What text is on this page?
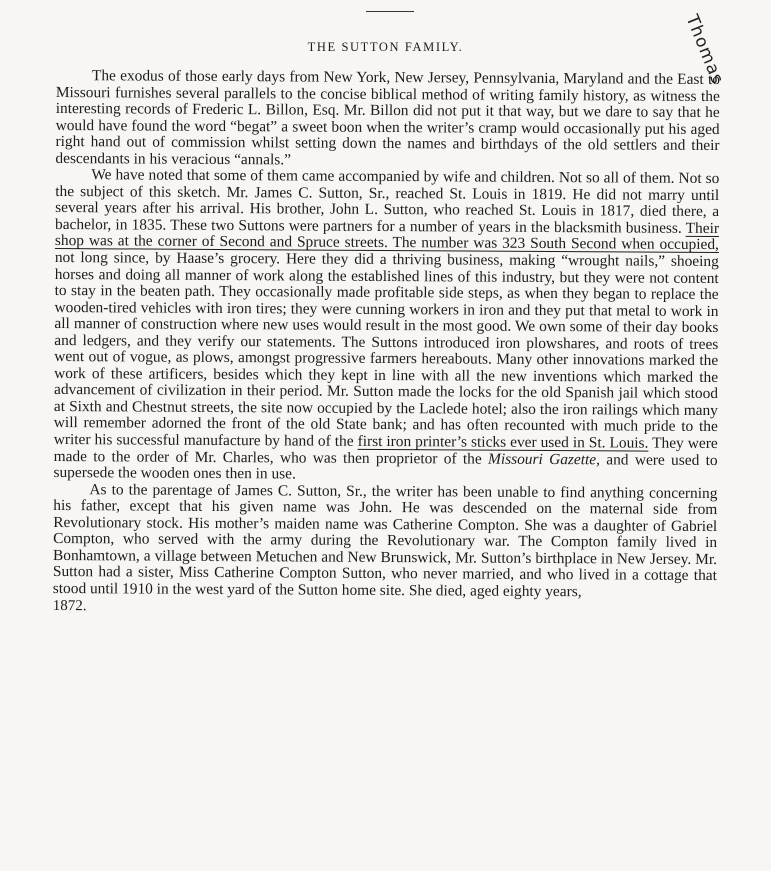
Thomas
THE SUTTON FAMILY.

The exodus of those early days from New York, New Jersey, Pennsylvania, Maryland and the East to Missouri furnishes several parallels to the concise biblical method of writing family history, as witness the interesting records of Frederic L. Billon, Esq. Mr. Billon did not put it that way, but we dare to say that he would have found the word “begat” a sweet boon when the writer’s cramp would occasionally put his aged right hand out of commission whilst setting down the names and birthdays of the old settlers and their descendants in his veracious “annals.”

We have noted that some of them came accompanied by wife and children. Not so all of them. Not so the subject of this sketch. Mr. James C. Sutton, Sr., reached St. Louis in 1819. He did not marry until several years after his arrival. His brother, John L. Sutton, who reached St. Louis in 1817, died there, a bachelor, in 1835. These two Suttons were partners for a number of years in the blacksmith business. Their shop was at the corner of Second and Spruce streets. The number was 323 South Second when occupied, not long since, by Haase’s grocery. Here they did a thriving business, making “wrought nails,” shoeing horses and doing all manner of work along the established lines of this industry, but they were not content to stay in the beaten path. They occasionally made profitable side steps, as when they began to replace the wooden-tired vehicles with iron tires; they were cunning workers in iron and they put that metal to work in all manner of construction where new uses would result in the most good. We own some of their day books and ledgers, and they verify our statements. The Suttons introduced iron plowshares, and roots of trees went out of vogue, as plows, amongst progressive farmers hereabouts. Many other innovations marked the work of these artificers, besides which they kept in line with all the new inventions which marked the advancement of civilization in their period. Mr. Sutton made the locks for the old Spanish jail which stood at Sixth and Chestnut streets, the site now occupied by the Laclede hotel; also the iron railings which many will remember adorned the front of the old State bank; and has often recounted with much pride to the writer his successful manufacture by hand of the first iron printer’s sticks ever used in St. Louis. They were made to the order of Mr. Charles, who was then proprietor of the Missouri Gazette, and were used to supersede the wooden ones then in use.

As to the parentage of James C. Sutton, Sr., the writer has been unable to find anything concerning his father, except that his given name was John. He was descended on the maternal side from Revolutionary stock. His mother’s maiden name was Catherine Compton. She was a daughter of Gabriel Compton, who served with the army during the Revolutionary war. The Compton family lived in Bonhamtown, a village between Metuchen and New Brunswick, Mr. Sutton’s birthplace in New Jersey. Mr. Sutton had a sister, Miss Catherine Compton Sutton, who never married, and who lived in a cottage that stood until 1910 in the west yard of the Sutton home site. She died, aged eighty years,
1872.
